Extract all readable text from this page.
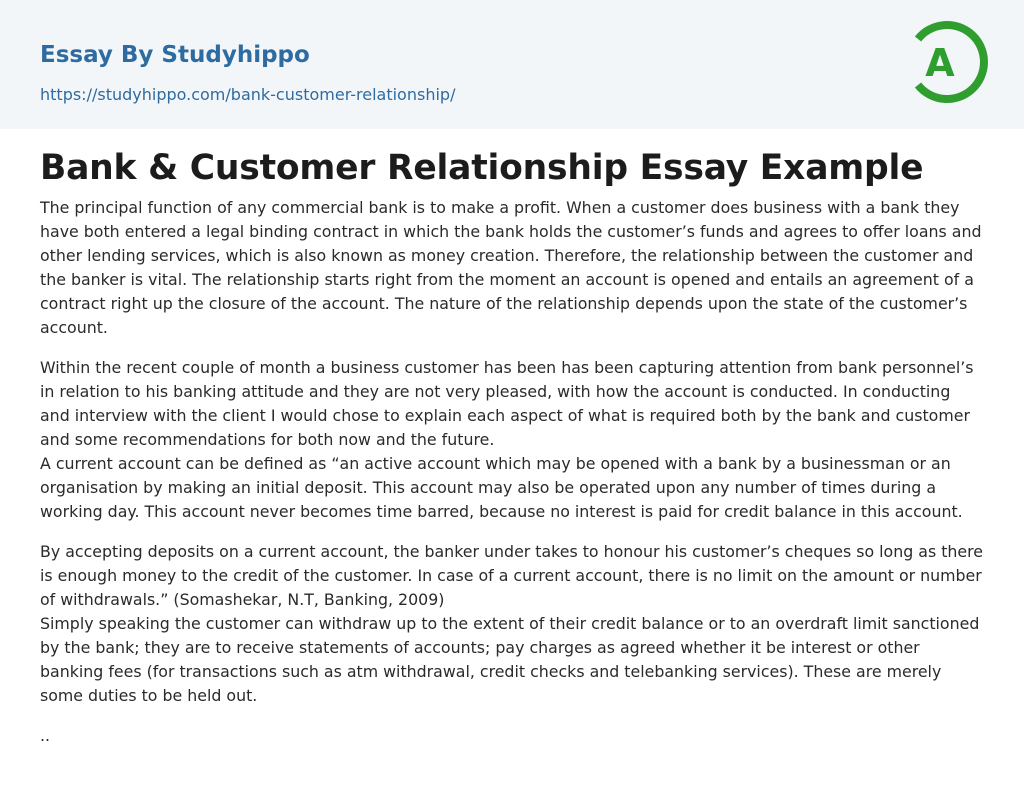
Essay By Studyhippo
https://studyhippo.com/bank-customer-relationship/
A
Bank & Customer Relationship Essay Example

The principal function of any commercial bank is to make a profit. When a customer does business with a bank they have both entered a legal binding contract in which the bank holds the customer’s funds and agrees to offer loans and other lending services, which is also known as money creation. Therefore, the relationship between the customer and the banker is vital. The relationship starts right from the moment an account is opened and entails an agreement of a contract right up the closure of the account. The nature of the relationship depends upon the state of the customer’s account.

Within the recent couple of month a business customer has been has been capturing attention from bank personnel’s in relation to his banking attitude and they are not very pleased, with how the account is conducted. In conducting and interview with the client I would chose to explain each aspect of what is required both by the bank and customer and some recommendations for both now and the future.

A current account can be defined as “an active account which may be opened with a bank by a businessman or an organisation by making an initial deposit. This account may also be operated upon any number of times during a working day. This account never becomes time barred, because no interest is paid for credit balance in this account.

By accepting deposits on a current account, the banker under takes to honour his customer’s cheques so long as there is enough money to the credit of the customer. In case of a current account, there is no limit on the amount or number of withdrawals.” (Somashekar, N.T, Banking, 2009)

Simply speaking the customer can withdraw up to the extent of their credit balance or to an overdraft limit sanctioned by the bank; they are to receive statements of accounts; pay charges as agreed whether it be interest or other banking fees (for transactions such as atm withdrawal, credit checks and telebanking services). These are merely some duties to be held out.

..
